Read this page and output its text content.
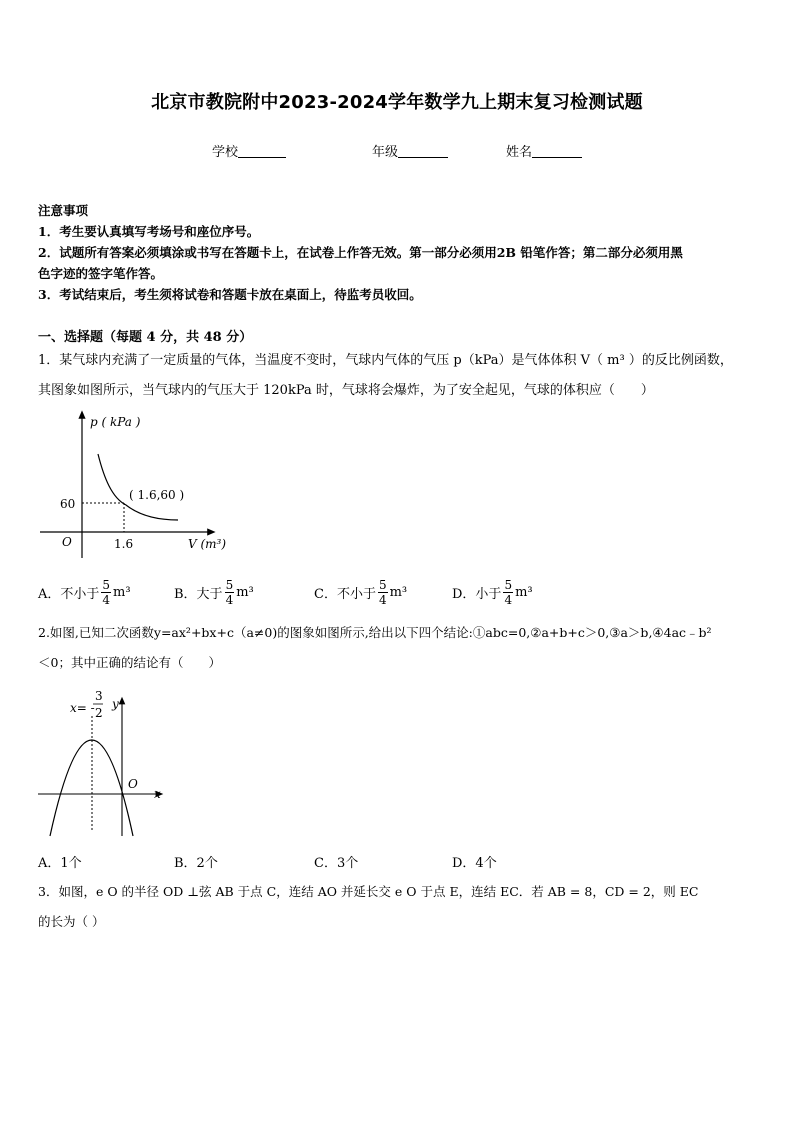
北京市教院附中2023-2024学年数学九上期末复习检测试题
学校	年级	姓名
注意事项
1．考生要认真填写考场号和座位序号。
2．试题所有答案必须填涂或书写在答题卡上，在试卷上作答无效。第一部分必须用2B 铅笔作答；第二部分必须用黑
色字迹的签字笔作答。
3．考试结束后，考生须将试卷和答题卡放在桌面上，待监考员收回。
一、选择题（每题 4 分，共 48 分）
1．某气球内充满了一定质量的气体，当温度不变时，气球内气体的气压 p（kPa）是气体体积 V（ m³ ）的反比例函数，
其图象如图所示，当气球内的气压大于 120kPa 时，气球将会爆炸，为了安全起见，气球的体积应（　　）
p ( kPa )
V (m³)
O
60
1.6
( 1.6,60 )
A．不小于 $\frac{5}{4} m^3$	B．大于 $\frac{5}{4} m^3$	C．不小于 $\frac{5}{4} m^3$	D．小于 $\frac{5}{4} m^3$
2.如图,已知二次函数y=ax²+bx+c（a≠0)的图象如图所示,给出以下四个结论:①abc=0,②a+b+c＞0,③a＞b,④4ac﹣b²
＜0；其中正确的结论有（　　）
x= -
3
2
y
x
O
A．1个	B．2个	C．3个	D．4个
3．如图，e O 的半径 OD ⊥弦 AB 于点 C，连结 AO 并延长交 e O 于点 E，连结 EC．若 AB = 8，CD = 2，则 EC
的长为（ ）
